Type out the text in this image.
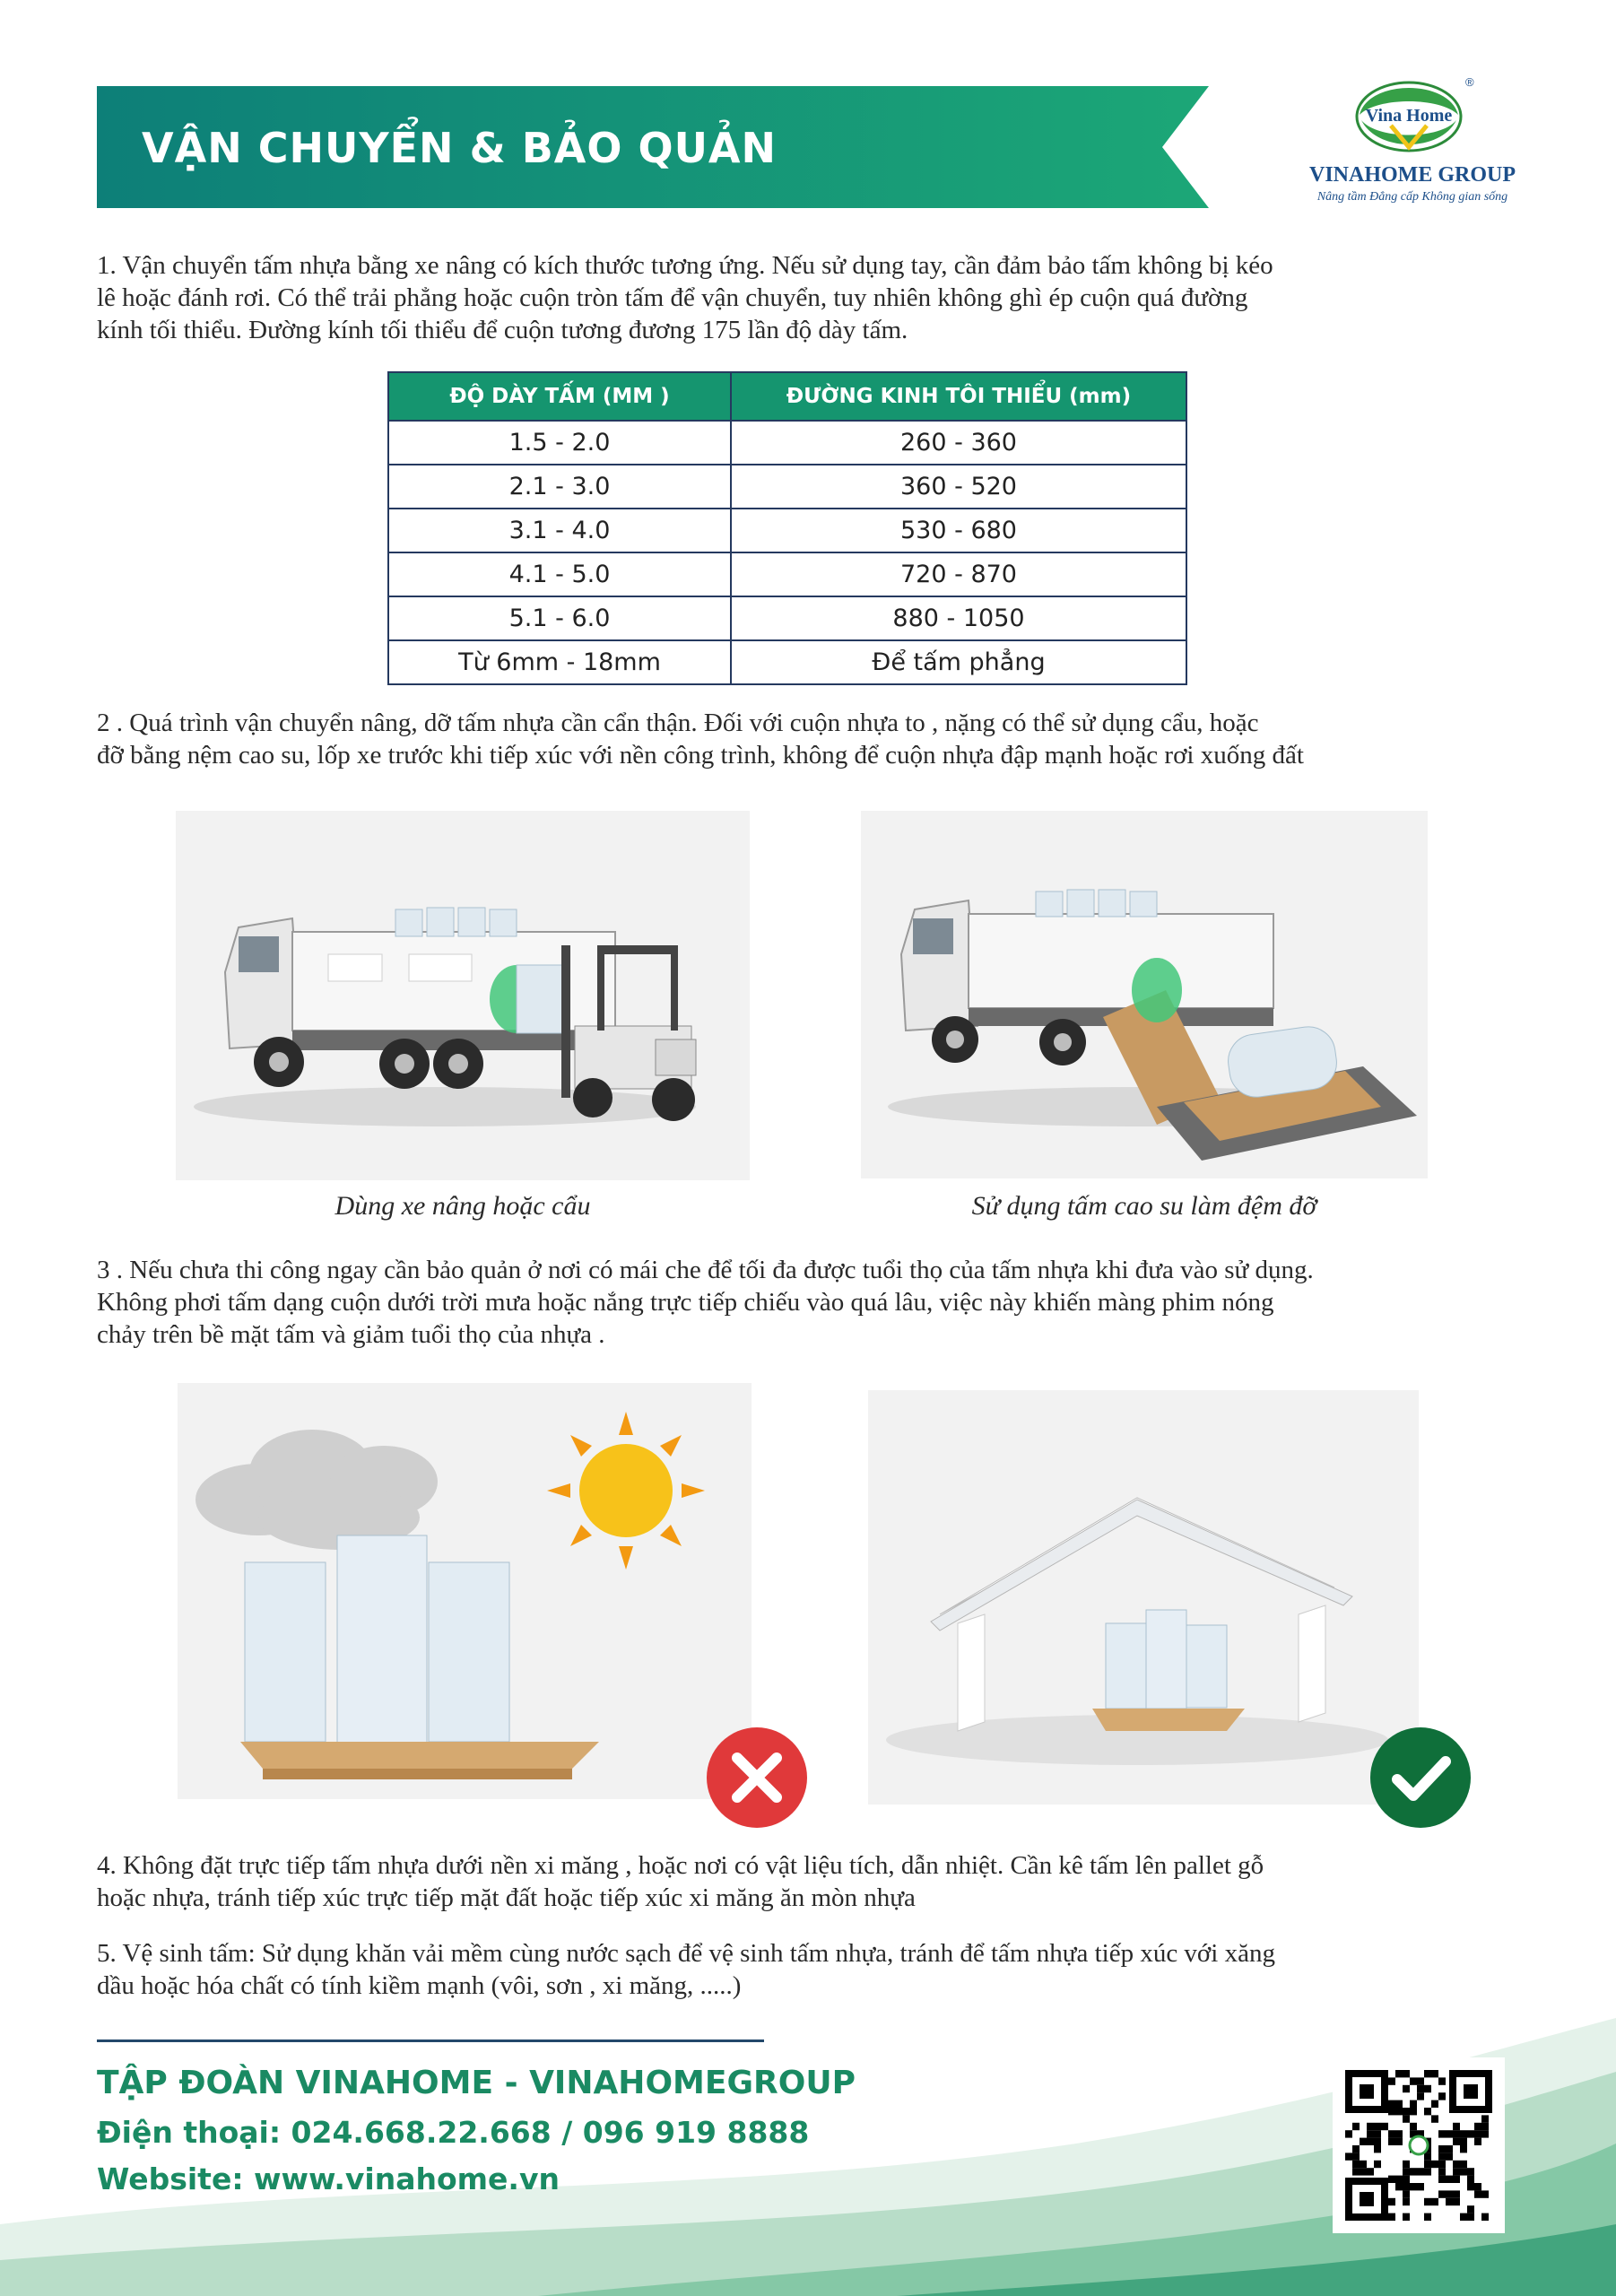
VẬN CHUYỂN & BẢO QUẢN
Vina Home
®
VINAHOME GROUP
Nâng tầm Đẳng cấp Không gian sống
1. Vận chuyển tấm nhựa bằng xe nâng có kích thước tương ứng. Nếu sử dụng tay, cần đảm bảo tấm không bị kéo
lê hoặc đánh rơi. Có thể trải phẳng hoặc cuộn tròn tấm để vận chuyển, tuy nhiên không ghì ép cuộn quá đường
kính tối thiểu. Đường kính tối thiểu để cuộn tương đương 175 lần độ dày tấm.
ĐỘ DÀY TẤM (MM )	ĐƯỜNG KINH TÔI THIỂU (mm)
1.5 - 2.0	260 - 360
2.1 - 3.0	360 - 520
3.1 - 4.0	530 - 680
4.1 - 5.0	720 - 870
5.1 - 6.0	880 - 1050
Từ 6mm - 18mm	Để tấm phẳng
2 . Quá trình vận chuyển nâng, dỡ tấm nhựa cần cẩn thận. Đối với cuộn nhựa to , nặng có thể sử dụng cẩu, hoặc
đỡ bằng nệm cao su, lốp xe trước khi tiếp xúc với nền công trình, không để cuộn nhựa đập mạnh hoặc rơi xuống đất
Dùng xe nâng hoặc cẩu	Sử dụng tấm cao su làm đệm đỡ
3 . Nếu chưa thi công ngay cần bảo quản ở nơi có mái che để tối đa được tuổi thọ của tấm nhựa khi đưa vào sử dụng.
Không phơi tấm dạng cuộn dưới trời mưa hoặc nắng trực tiếp chiếu vào quá lâu, việc này khiến màng phim nóng
chảy trên bề mặt tấm và giảm tuổi thọ của nhựa .
4. Không đặt trực tiếp tấm nhựa dưới nền xi măng , hoặc nơi có vật liệu tích, dẫn nhiệt. Cần kê tấm lên pallet gỗ
hoặc nhựa, tránh tiếp xúc trực tiếp mặt đất hoặc tiếp xúc xi măng ăn mòn nhựa
5. Vệ sinh tấm: Sử dụng khăn vải mềm cùng nước sạch để vệ sinh tấm nhựa, tránh để tấm nhựa tiếp xúc với xăng
dầu hoặc hóa chất có tính kiềm mạnh (vôi, sơn , xi măng, .....)
TẬP ĐOÀN VINAHOME - VINAHOMEGROUP
Điện thoại: 024.668.22.668 / 096 919 8888
Website: www.vinahome.vn
